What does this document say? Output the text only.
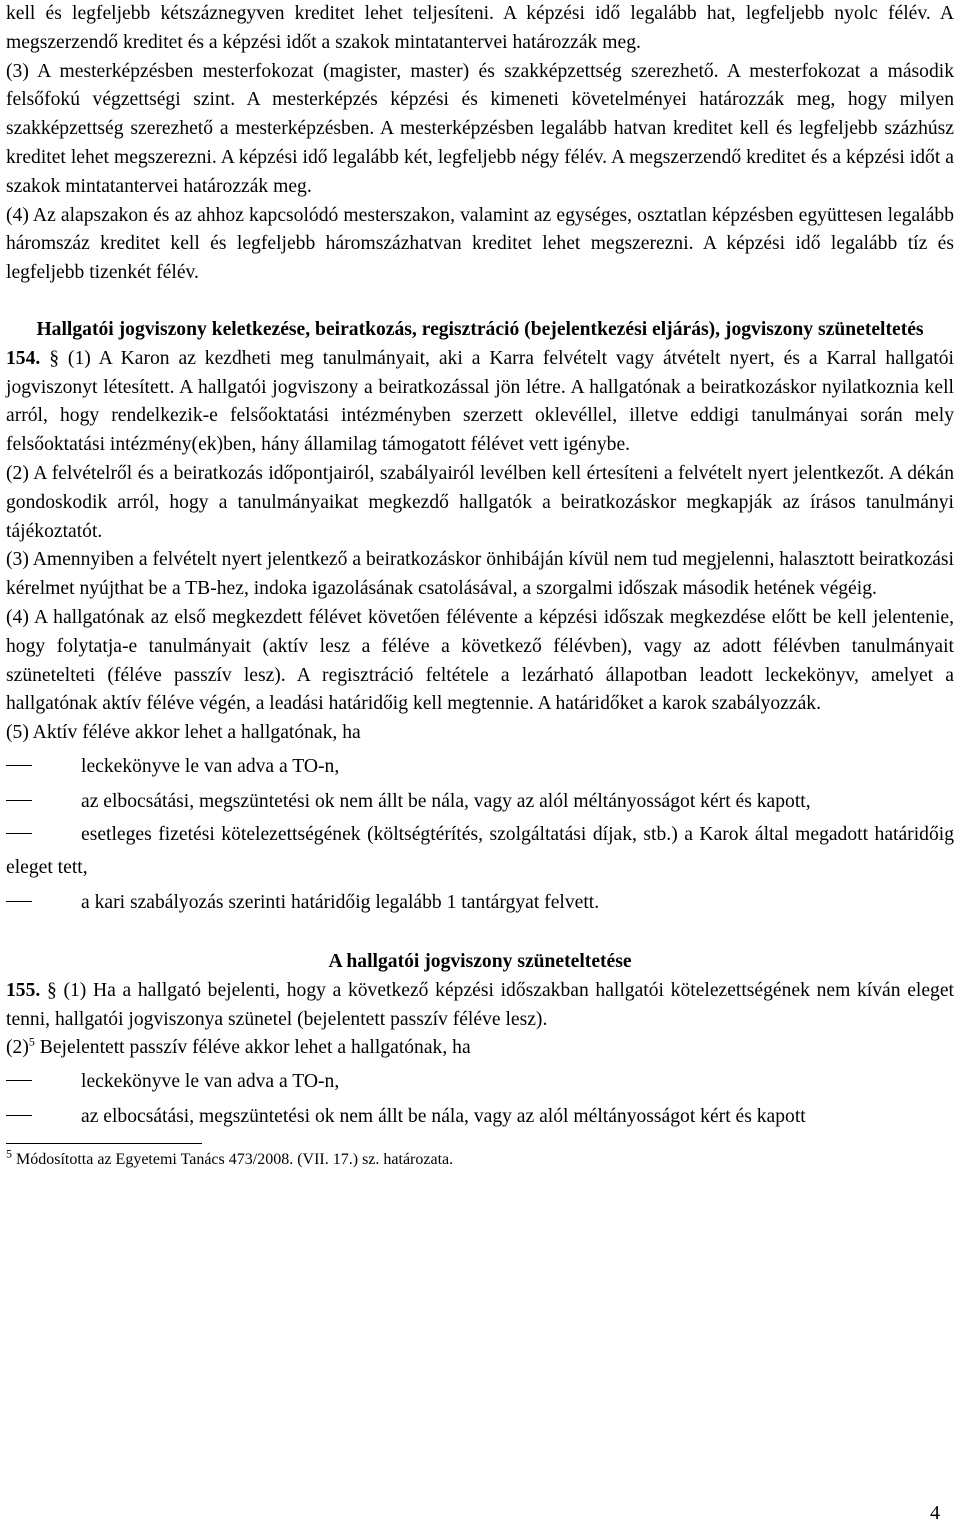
kell és legfeljebb kétszáznegyven kreditet lehet teljesíteni. A képzési idő legalább hat, legfeljebb nyolc félév. A megszerzendő kreditet és a képzési időt a szakok mintatantervei határozzák meg.

(3) A mesterképzésben mesterfokozat (magister, master) és szakképzettség szerezhető. A mesterfokozat a második felsőfokú végzettségi szint. A mesterképzés képzési és kimeneti követelményei határozzák meg, hogy milyen szakképzettség szerezhető a mesterképzésben. A mesterképzésben legalább hatvan kreditet kell és legfeljebb százhúsz kreditet lehet megszerezni. A képzési idő legalább két, legfeljebb négy félév. A megszerzendő kreditet és a képzési időt a szakok mintatantervei határozzák meg.

(4) Az alapszakon és az ahhoz kapcsolódó mesterszakon, valamint az egységes, osztatlan képzésben együttesen legalább háromszáz kreditet kell és legfeljebb háromszázhatvan kreditet lehet megszerezni. A képzési idő legalább tíz és legfeljebb tizenkét félév.

Hallgatói jogviszony keletkezése, beiratkozás, regisztráció (bejelentkezési eljárás), jogviszony szüneteltetés

154. § (1) A Karon az kezdheti meg tanulmányait, aki a Karra felvételt vagy átvételt nyert, és a Karral hallgatói jogviszonyt létesített. A hallgatói jogviszony a beiratkozással jön létre. A hallgatónak a beiratkozáskor nyilatkoznia kell arról, hogy rendelkezik-e felsőoktatási intézményben szerzett oklevéllel, illetve eddigi tanulmányai során mely felsőoktatási intézmény(ek)ben, hány államilag támogatott félévet vett igénybe.

(2) A felvételről és a beiratkozás időpontjairól, szabályairól levélben kell értesíteni a felvételt nyert jelentkezőt. A dékán gondoskodik arról, hogy a tanulmányaikat megkezdő hallgatók a beiratkozáskor megkapják az írásos tanulmányi tájékoztatót.

(3) Amennyiben a felvételt nyert jelentkező a beiratkozáskor önhibáján kívül nem tud megjelenni, halasztott beiratkozási kérelmet nyújthat be a TB-hez, indoka igazolásának csatolásával, a szorgalmi időszak második hetének végéig.

(4) A hallgatónak az első megkezdett félévet követően félévente a képzési időszak megkezdése előtt be kell jelentenie, hogy folytatja-e tanulmányait (aktív lesz a féléve a következő félévben), vagy az adott félévben tanulmányait szünetelteti (féléve passzív lesz). A regisztráció feltétele a lezárható állapotban leadott leckekönyv, amelyet a hallgatónak aktív féléve végén, a leadási határidőig kell megtennie. A határidőket a karok szabályozzák.

(5) Aktív féléve akkor lehet a hallgatónak, ha

leckekönyve le van adva a TO-n,

az elbocsátási, megszüntetési ok nem állt be nála, vagy az alól méltányosságot kért és kapott,

esetleges fizetési kötelezettségének (költségtérítés, szolgáltatási díjak, stb.) a Karok által megadott határidőig eleget tett,

a kari szabályozás szerinti határidőig legalább 1 tantárgyat felvett.

A hallgatói jogviszony szüneteltetése

155. § (1) Ha a hallgató bejelenti, hogy a következő képzési időszakban hallgatói kötelezettségének nem kíván eleget tenni, hallgatói jogviszonya szünetel (bejelentett passzív féléve lesz).

$(2)^5$ Bejelentett passzív féléve akkor lehet a hallgatónak, ha

leckekönyve le van adva a TO-n,

az elbocsátási, megszüntetési ok nem állt be nála, vagy az alól méltányosságot kért és kapott

$^5$ Módosította az Egyetemi Tanács 473/2008. (VII. 17.) sz. határozata.

4
